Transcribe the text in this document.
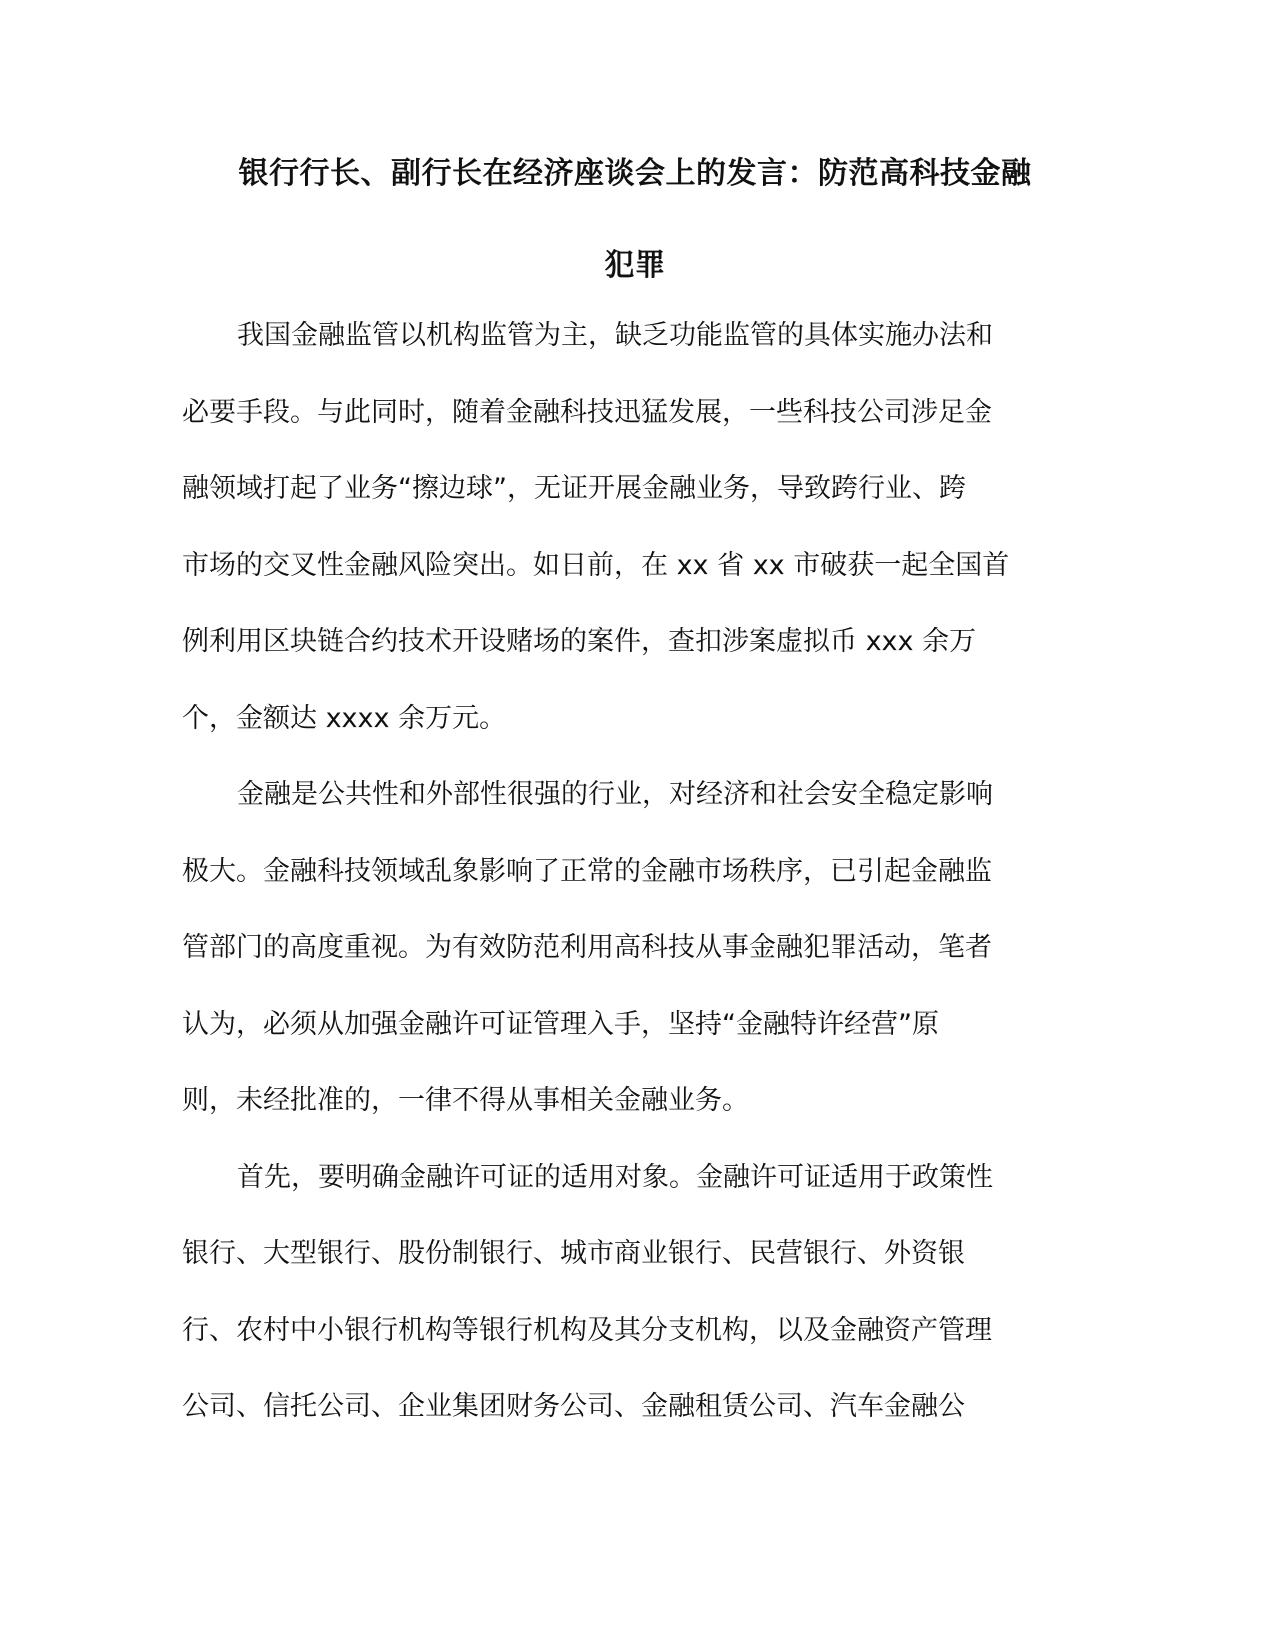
银行行长、副行长在经济座谈会上的发言：防范高科技金融
犯罪

我国金融监管以机构监管为主，缺乏功能监管的具体实施办法和
必要手段。与此同时，随着金融科技迅猛发展，一些科技公司涉足金
融领域打起了业务“擦边球”，无证开展金融业务，导致跨行业、跨
市场的交叉性金融风险突出。如日前，在 xx 省 xx 市破获一起全国首
例利用区块链合约技术开设赌场的案件，查扣涉案虚拟币 xxx 余万
个，金额达 xxxx 余万元。

金融是公共性和外部性很强的行业，对经济和社会安全稳定影响
极大。金融科技领域乱象影响了正常的金融市场秩序，已引起金融监
管部门的高度重视。为有效防范利用高科技从事金融犯罪活动，笔者
认为，必须从加强金融许可证管理入手，坚持“金融特许经营”原
则，未经批准的，一律不得从事相关金融业务。

首先，要明确金融许可证的适用对象。金融许可证适用于政策性
银行、大型银行、股份制银行、城市商业银行、民营银行、外资银
行、农村中小银行机构等银行机构及其分支机构，以及金融资产管理
公司、信托公司、企业集团财务公司、金融租赁公司、汽车金融公
